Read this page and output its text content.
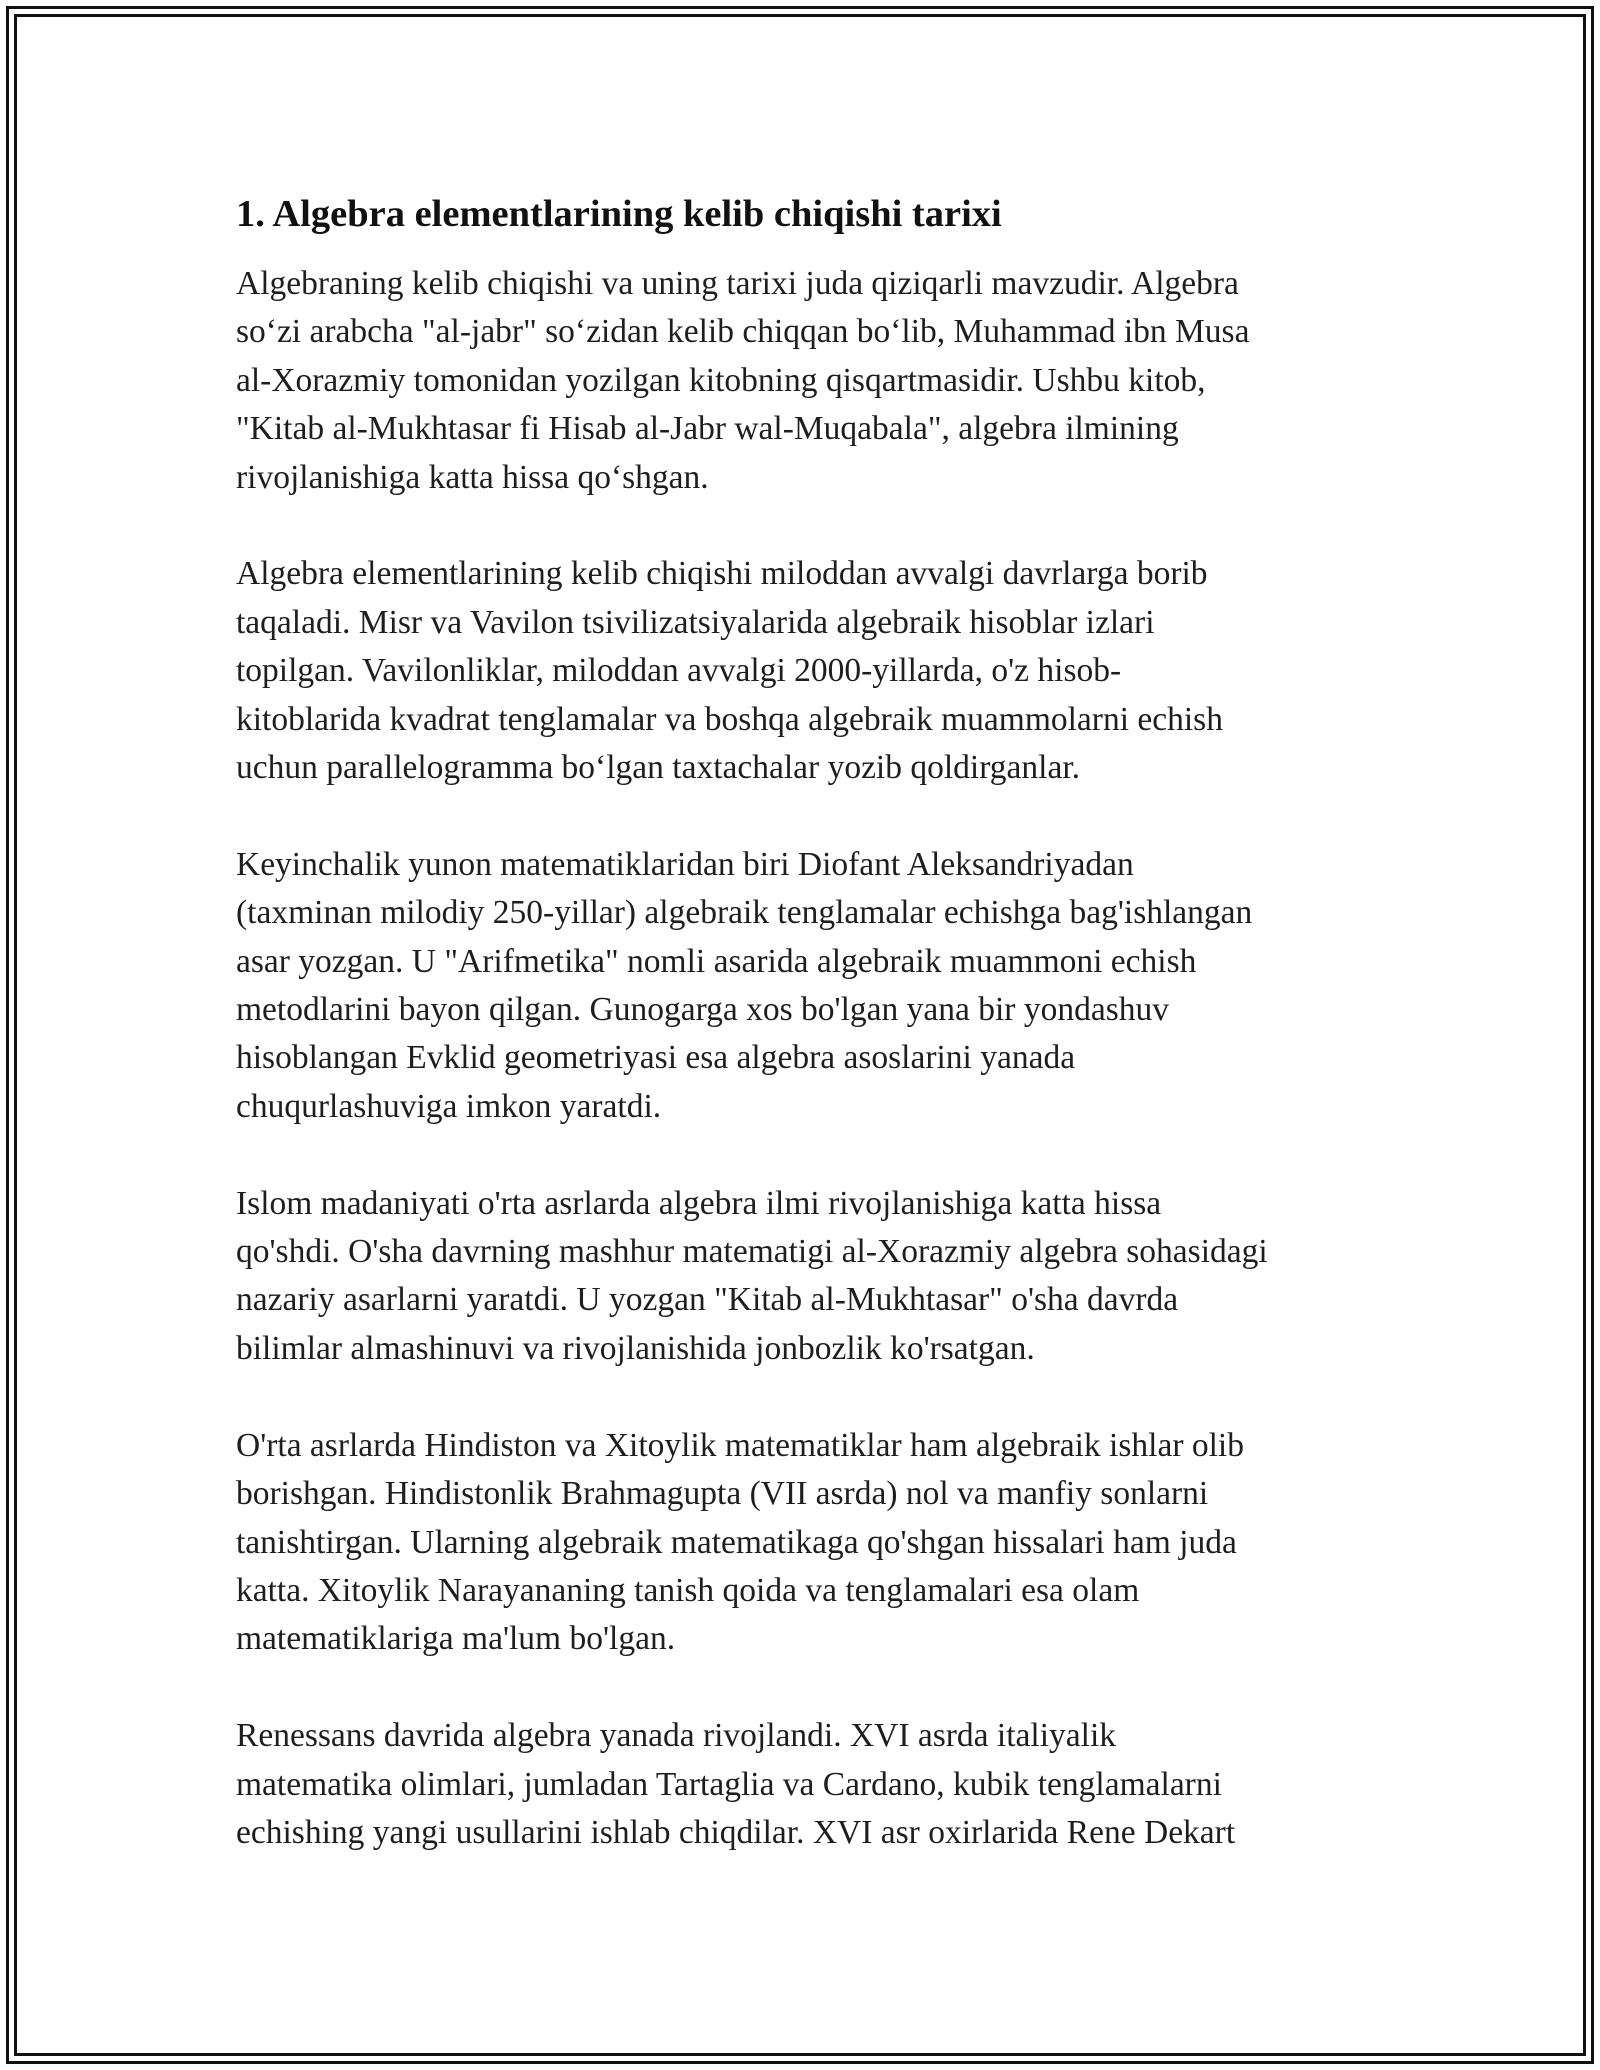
1. Algebra elementlarining kelib chiqishi tarixi
Algebraning kelib chiqishi va uning tarixi juda qiziqarli mavzudir. Algebra
so‘zi arabcha "al-jabr" so‘zidan kelib chiqqan bo‘lib, Muhammad ibn Musa
al-Xorazmiy tomonidan yozilgan kitobning qisqartmasidir. Ushbu kitob,
"Kitab al-Mukhtasar fi Hisab al-Jabr wal-Muqabala", algebra ilmining
rivojlanishiga katta hissa qo‘shgan.
Algebra elementlarining kelib chiqishi miloddan avvalgi davrlarga borib
taqaladi. Misr va Vavilon tsivilizatsiyalarida algebraik hisoblar izlari
topilgan. Vavilonliklar, miloddan avvalgi 2000-yillarda, o'z hisob-
kitoblarida kvadrat tenglamalar va boshqa algebraik muammolarni echish
uchun parallelogramma bo‘lgan taxtachalar yozib qoldirganlar.
Keyinchalik yunon matematiklaridan biri Diofant Aleksandriyadan
(taxminan milodiy 250-yillar) algebraik tenglamalar echishga bag'ishlangan
asar yozgan. U "Arifmetika" nomli asarida algebraik muammoni echish
metodlarini bayon qilgan. Gunogarga xos bo'lgan yana bir yondashuv
hisoblangan Evklid geometriyasi esa algebra asoslarini yanada
chuqurlashuviga imkon yaratdi.
Islom madaniyati o'rta asrlarda algebra ilmi rivojlanishiga katta hissa
qo'shdi. O'sha davrning mashhur matematigi al-Xorazmiy algebra sohasidagi
nazariy asarlarni yaratdi. U yozgan "Kitab al-Mukhtasar" o'sha davrda
bilimlar almashinuvi va rivojlanishida jonbozlik ko'rsatgan.
O'rta asrlarda Hindiston va Xitoylik matematiklar ham algebraik ishlar olib
borishgan. Hindistonlik Brahmagupta (VII asrda) nol va manfiy sonlarni
tanishtirgan. Ularning algebraik matematikaga qo'shgan hissalari ham juda
katta. Xitoylik Narayananing tanish qoida va tenglamalari esa olam
matematiklariga ma'lum bo'lgan.
Renessans davrida algebra yanada rivojlandi. XVI asrda italiyalik
matematika olimlari, jumladan Tartaglia va Cardano, kubik tenglamalarni
echishing yangi usullarini ishlab chiqdilar. XVI asr oxirlarida Rene Dekart
